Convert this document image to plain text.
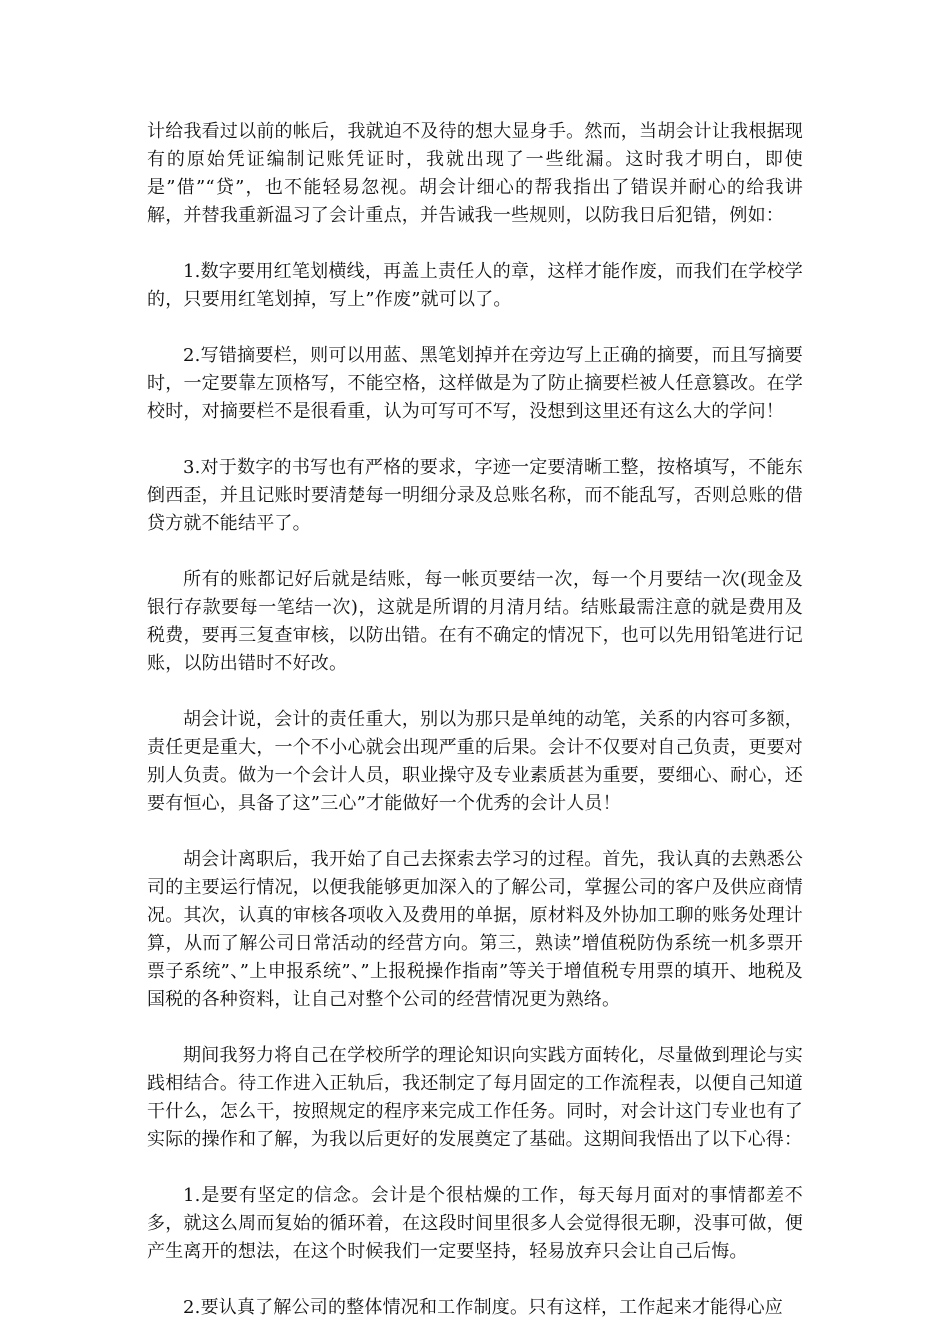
计给我看过以前的帐后，我就迫不及待的想大显身手。然而，当胡会计让我根据现有的原始凭证编制记账凭证时，我就出现了一些纰漏。这时我才明白，即使是”借”“贷”，也不能轻易忽视。胡会计细心的帮我指出了错误并耐心的给我讲解，并替我重新温习了会计重点，并告诫我一些规则，以防我日后犯错，例如：

1.数字要用红笔划横线，再盖上责任人的章，这样才能作废，而我们在学校学的，只要用红笔划掉，写上”作废”就可以了。

2.写错摘要栏，则可以用蓝、黑笔划掉并在旁边写上正确的摘要，而且写摘要时，一定要靠左顶格写，不能空格，这样做是为了防止摘要栏被人任意篡改。在学校时，对摘要栏不是很看重，认为可写可不写，没想到这里还有这么大的学问！

3.对于数字的书写也有严格的要求，字迹一定要清晰工整，按格填写，不能东倒西歪，并且记账时要清楚每一明细分录及总账名称，而不能乱写，否则总账的借贷方就不能结平了。

所有的账都记好后就是结账，每一帐页要结一次，每一个月要结一次(现金及银行存款要每一笔结一次)，这就是所谓的月清月结。结账最需注意的就是费用及税费，要再三复查审核，以防出错。在有不确定的情况下，也可以先用铅笔进行记账，以防出错时不好改。

胡会计说，会计的责任重大，别以为那只是单纯的动笔，关系的内容可多额，责任更是重大，一个不小心就会出现严重的后果。会计不仅要对自己负责，更要对别人负责。做为一个会计人员，职业操守及专业素质甚为重要，要细心、耐心，还要有恒心，具备了这”三心”才能做好一个优秀的会计人员！

胡会计离职后，我开始了自己去探索去学习的过程。首先，我认真的去熟悉公司的主要运行情况，以便我能够更加深入的了解公司，掌握公司的客户及供应商情况。其次，认真的审核各项收入及费用的单据，原材料及外协加工聊的账务处理计算，从而了解公司日常活动的经营方向。第三，熟读”增值税防伪系统一机多票开票子系统”、”上申报系统”、”上报税操作指南”等关于增值税专用票的填开、地税及国税的各种资料，让自己对整个公司的经营情况更为熟络。

期间我努力将自己在学校所学的理论知识向实践方面转化，尽量做到理论与实践相结合。待工作进入正轨后，我还制定了每月固定的工作流程表，以便自己知道干什么，怎么干，按照规定的程序来完成工作任务。同时，对会计这门专业也有了实际的操作和了解，为我以后更好的发展奠定了基础。这期间我悟出了以下心得：

1.是要有坚定的信念。会计是个很枯燥的工作，每天每月面对的事情都差不多，就这么周而复始的循环着，在这段时间里很多人会觉得很无聊，没事可做，便产生离开的想法，在这个时候我们一定要坚持，轻易放弃只会让自己后悔。

2.要认真了解公司的整体情况和工作制度。只有这样，工作起来才能得心应
